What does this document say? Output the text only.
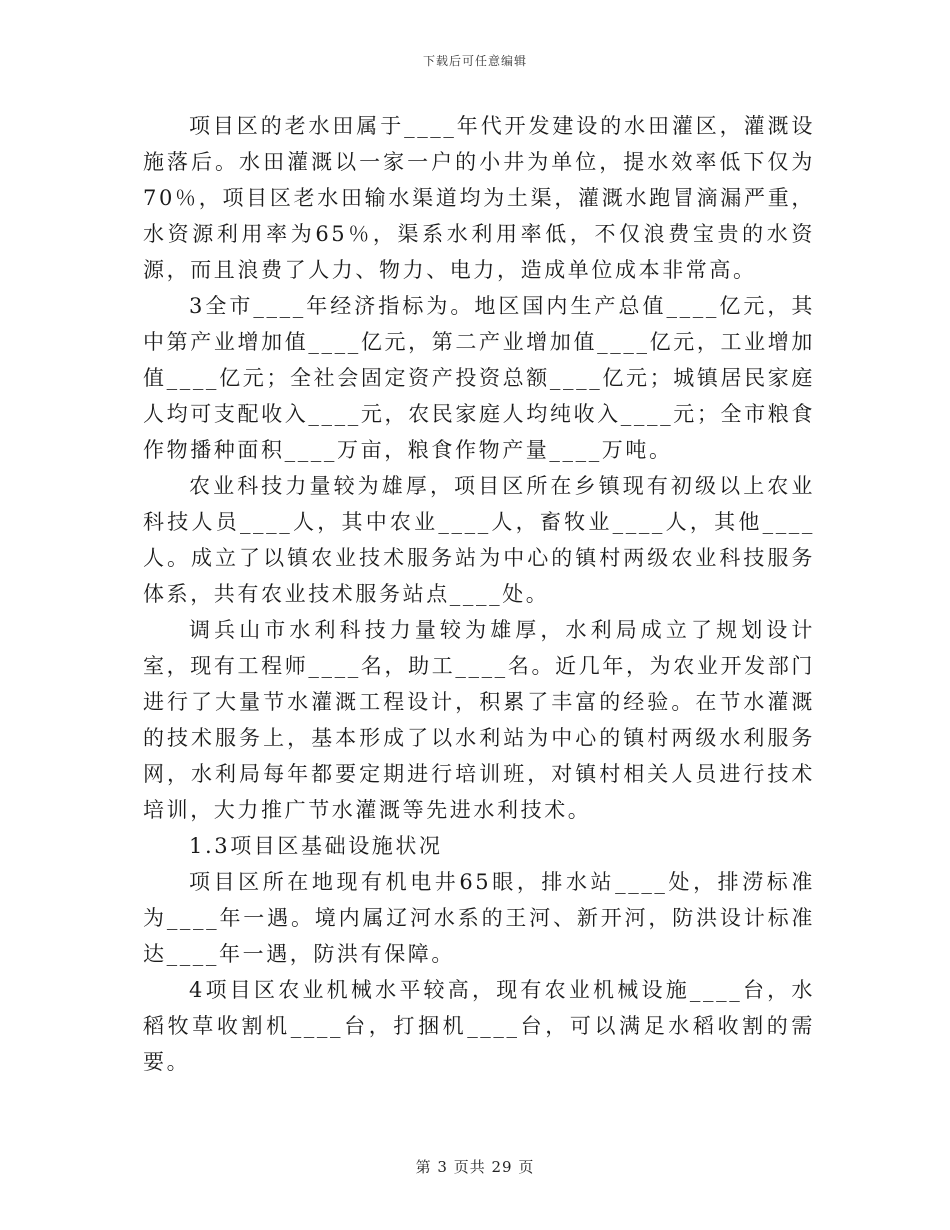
下载后可任意编辑

项目区的老水田属于____年代开发建设的水田灌区，灌溉设施落后。水田灌溉以一家一户的小井为单位，提水效率低下仅为70％，项目区老水田输水渠道均为土渠，灌溉水跑冒滴漏严重，水资源利用率为65％，渠系水利用率低，不仅浪费宝贵的水资源，而且浪费了人力、物力、电力，造成单位成本非常高。

3全市____年经济指标为。地区国内生产总值____亿元，其中第产业增加值____亿元，第二产业增加值____亿元，工业增加值____亿元；全社会固定资产投资总额____亿元；城镇居民家庭人均可支配收入____元，农民家庭人均纯收入____元；全市粮食作物播种面积____万亩，粮食作物产量____万吨。

农业科技力量较为雄厚，项目区所在乡镇现有初级以上农业科技人员____人，其中农业____人，畜牧业____人，其他____人。成立了以镇农业技术服务站为中心的镇村两级农业科技服务体系，共有农业技术服务站点____处。

调兵山市水利科技力量较为雄厚，水利局成立了规划设计室，现有工程师____名，助工____名。近几年，为农业开发部门进行了大量节水灌溉工程设计，积累了丰富的经验。在节水灌溉的技术服务上，基本形成了以水利站为中心的镇村两级水利服务网，水利局每年都要定期进行培训班，对镇村相关人员进行技术培训，大力推广节水灌溉等先进水利技术。

1.3项目区基础设施状况

项目区所在地现有机电井65眼，排水站____处，排涝标准为____年一遇。境内属辽河水系的王河、新开河，防洪设计标准达____年一遇，防洪有保障。

4项目区农业机械水平较高，现有农业机械设施____台，水稻牧草收割机____台，打捆机____台，可以满足水稻收割的需要。

第 3 页共 29 页
